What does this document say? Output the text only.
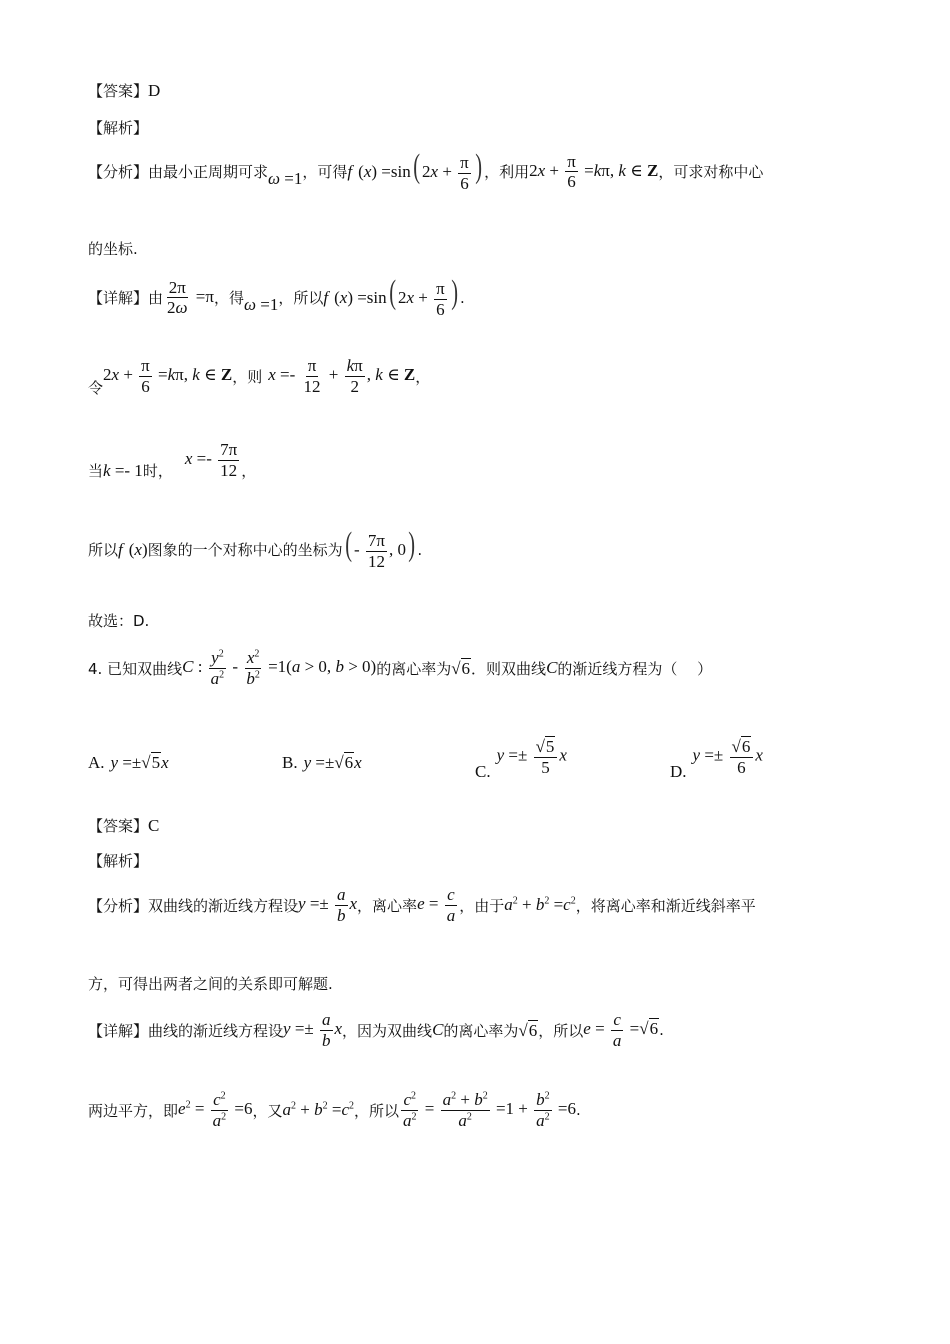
【答案】 D
【解析】
【分析】 由最小正周期可求 ω =1 ，可得 f (x) =sin( $2x + \frac{\pi}{6}$ ) ，利用 $2x + \frac{\pi}{6} =k\pi$, k ∈ Z ，可求对称中心
的坐标.
【详解】 由 $\frac{2\pi}{2\omega} =\pi$ ，得 ω =1 ，所以 f (x) =sin( $2x + \frac{\pi}{6}$ ) .
令
$2x + \frac{\pi}{6} =k\pi$, k ∈ Z ，则 $x =- \frac{\pi}{12} + \frac{k\pi}{2}$ , k ∈ Z ，
当 k =- 1 时，
$x =- \frac{7\pi}{12}$ ，
所以 f (x) 图象的一个对称中心的坐标为 ( - $\frac{7\pi}{12}$ , 0) .
故选：D.
4. 已知双曲线 C : $\frac{y^2}{a^2} - \frac{x^2}{b^2} =1(a > 0$, b > 0) 的离心率为 √ 6 ．则双曲线 C 的渐近线方程为（　 ）
A. y =±√ 5 x	B. y =±√ 6 x	C.
$y =\pm \frac{√ 5}{5}$ x
D.
$y =\pm \frac{√ 6}{6}$ x
【答案】 C
【解析】
【分析】 双曲线的渐近线方程设 $y =\pm \frac{a}{b}$ x ，离心率 $e = \frac{c}{a}$ ，由于 $a^2 + b^2 =c^2$ ，将离心率和渐近线斜率平
方，可得出两者之间的关系即可解题.
【详解】 曲线的渐近线方程设 $y =\pm \frac{a}{b}$ x ，因为双曲线 C 的离心率为 √ 6 ，所以 $e = \frac{c}{a}$ =√ 6 .
两边平方，即 $e^2 = \frac{c^2}{a^2} =6$ ，又 $a^2 + b^2 =c^2$ ，所以 $\frac{c^2}{a^2} = \frac{a^2 + b^2}{a^2} =1 + \frac{b^2}{a^2} =6$ .
